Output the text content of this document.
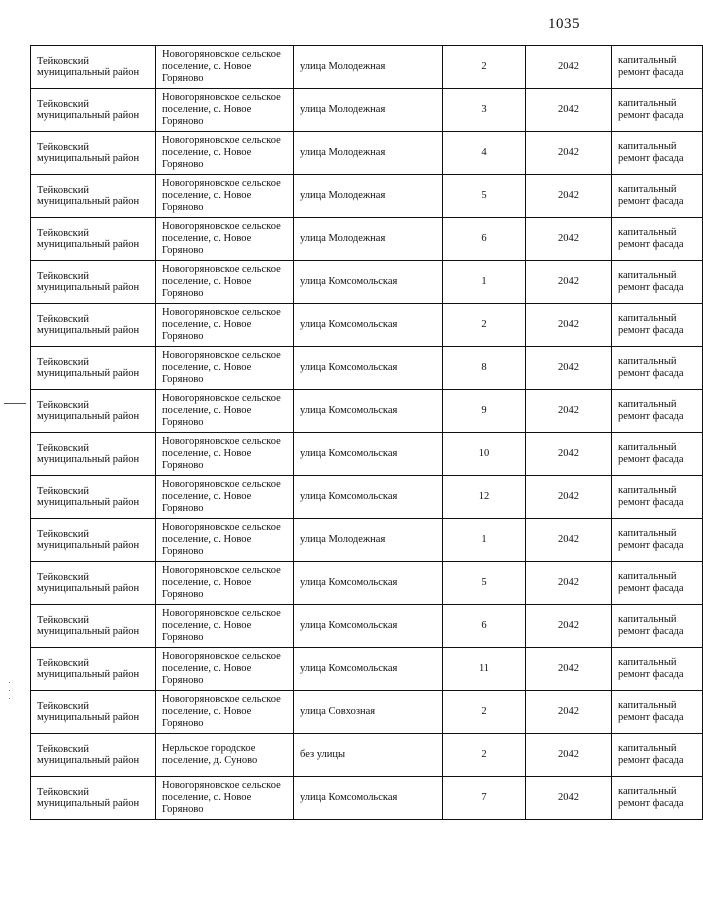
1035
Тейковский муниципальный район	Новогоряновское сельское поселение, с. Новое Горяново	улица Молодежная	2	2042	капитальный ремонт фасада
Тейковский муниципальный район	Новогоряновское сельское поселение, с. Новое Горяново	улица Молодежная	3	2042	капитальный ремонт фасада
Тейковский муниципальный район	Новогоряновское сельское поселение, с. Новое Горяново	улица Молодежная	4	2042	капитальный ремонт фасада
Тейковский муниципальный район	Новогоряновское сельское поселение, с. Новое Горяново	улица Молодежная	5	2042	капитальный ремонт фасада
Тейковский муниципальный район	Новогоряновское сельское поселение, с. Новое Горяново	улица Молодежная	6	2042	капитальный ремонт фасада
Тейковский муниципальный район	Новогоряновское сельское поселение, с. Новое Горяново	улица Комсомольская	1	2042	капитальный ремонт фасада
Тейковский муниципальный район	Новогоряновское сельское поселение, с. Новое Горяново	улица Комсомольская	2	2042	капитальный ремонт фасада
Тейковский муниципальный район	Новогоряновское сельское поселение, с. Новое Горяново	улица Комсомольская	8	2042	капитальный ремонт фасада
Тейковский муниципальный район	Новогоряновское сельское поселение, с. Новое Горяново	улица Комсомольская	9	2042	капитальный ремонт фасада
Тейковский муниципальный район	Новогоряновское сельское поселение, с. Новое Горяново	улица Комсомольская	10	2042	капитальный ремонт фасада
Тейковский муниципальный район	Новогоряновское сельское поселение, с. Новое Горяново	улица Комсомольская	12	2042	капитальный ремонт фасада
Тейковский муниципальный район	Новогоряновское сельское поселение, с. Новое Горяново	улица Молодежная	1	2042	капитальный ремонт фасада
Тейковский муниципальный район	Новогоряновское сельское поселение, с. Новое Горяново	улица Комсомольская	5	2042	капитальный ремонт фасада
Тейковский муниципальный район	Новогоряновское сельское поселение, с. Новое Горяново	улица Комсомольская	6	2042	капитальный ремонт фасада
Тейковский муниципальный район	Новогоряновское сельское поселение, с. Новое Горяново	улица Комсомольская	11	2042	капитальный ремонт фасада
Тейковский муниципальный район	Новогоряновское сельское поселение, с. Новое Горяново	улица Совхозная	2	2042	капитальный ремонт фасада
Тейковский муниципальный район	Нерльское городское поселение, д. Суново	без улицы	2	2042	капитальный ремонт фасада
Тейковский муниципальный район	Новогоряновское сельское поселение, с. Новое Горяново	улица Комсомольская	7	2042	капитальный ремонт фасада
